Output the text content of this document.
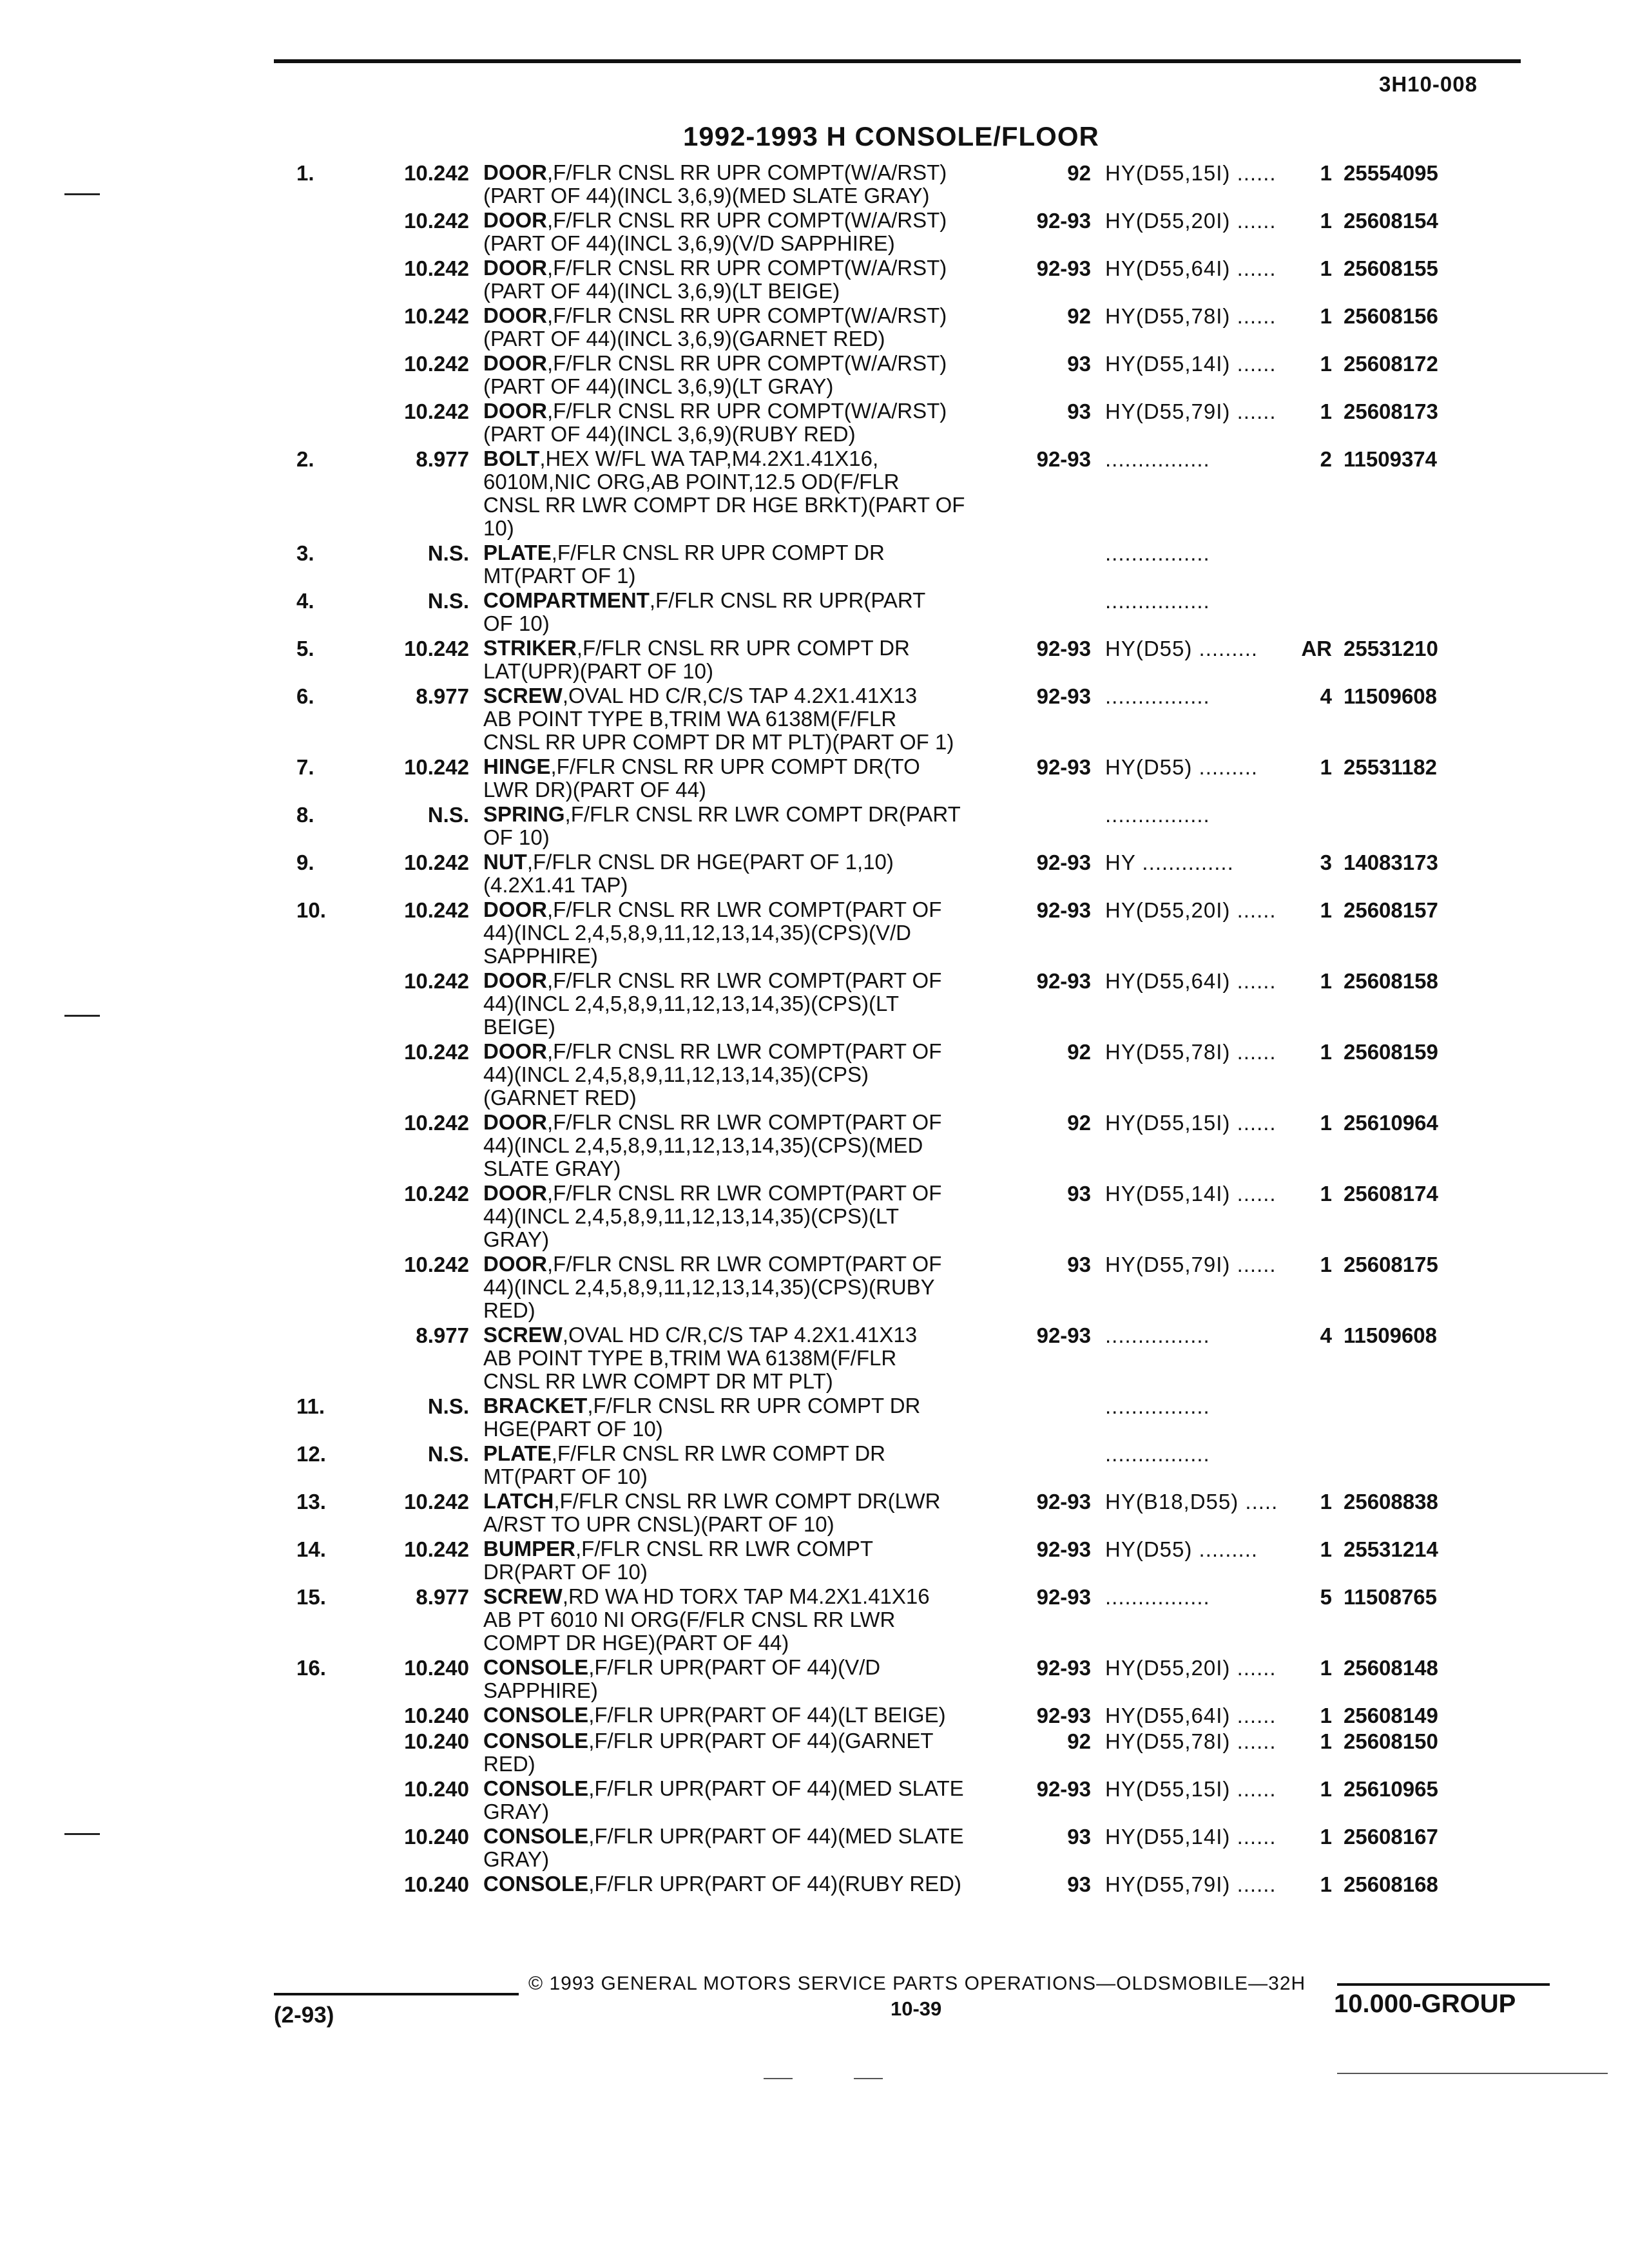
3H10-008
1992-1993 H CONSOLE/FLOOR
1.	10.242 DOOR,F/FLR CNSL RR UPR COMPT(W/A/RST)
(PART OF 44)(INCL 3,6,9)(MED SLATE GRAY)
92 HY(D55,15I) ......	1 25554095
10.242 DOOR,F/FLR CNSL RR UPR COMPT(W/A/RST)
(PART OF 44)(INCL 3,6,9)(V/D SAPPHIRE)
92-93 HY(D55,20I) ......	1 25608154
10.242 DOOR,F/FLR CNSL RR UPR COMPT(W/A/RST)
(PART OF 44)(INCL 3,6,9)(LT BEIGE)
92-93 HY(D55,64I) ......	1 25608155
10.242 DOOR,F/FLR CNSL RR UPR COMPT(W/A/RST)
(PART OF 44)(INCL 3,6,9)(GARNET RED)
92 HY(D55,78I) ......	1 25608156
10.242 DOOR,F/FLR CNSL RR UPR COMPT(W/A/RST)
(PART OF 44)(INCL 3,6,9)(LT GRAY)
93 HY(D55,14I) ......	1 25608172
10.242 DOOR,F/FLR CNSL RR UPR COMPT(W/A/RST)
(PART OF 44)(INCL 3,6,9)(RUBY RED)
93 HY(D55,79I) ......	1 25608173
2.	8.977 BOLT,HEX W/FL WA TAP,M4.2X1.41X16,
6010M,NIC ORG,AB POINT,12.5 OD(F/FLR
CNSL RR LWR COMPT DR HGE BRKT)(PART OF
10)
92-93 ................	2 11509374
3.	N.S. PLATE,F/FLR CNSL RR UPR COMPT DR
MT(PART OF 1)
................
4.	N.S. COMPARTMENT,F/FLR CNSL RR UPR(PART
OF 10)
................
5.	10.242 STRIKER,F/FLR CNSL RR UPR COMPT DR
LAT(UPR)(PART OF 10)
92-93 HY(D55) .........	AR 25531210
6.	8.977 SCREW,OVAL HD C/R,C/S TAP 4.2X1.41X13
AB POINT TYPE B,TRIM WA 6138M(F/FLR
CNSL RR UPR COMPT DR MT PLT)(PART OF 1)
92-93 ................	4 11509608
7.	10.242 HINGE,F/FLR CNSL RR UPR COMPT DR(TO
LWR DR)(PART OF 44)
92-93 HY(D55) .........	1 25531182
8.	N.S. SPRING,F/FLR CNSL RR LWR COMPT DR(PART
OF 10)
................
9.	10.242 NUT,F/FLR CNSL DR HGE(PART OF 1,10)
(4.2X1.41 TAP)
92-93 HY ..............	3 14083173
10.	10.242 DOOR,F/FLR CNSL RR LWR COMPT(PART OF
44)(INCL 2,4,5,8,9,11,12,13,14,35)(CPS)(V/D
SAPPHIRE)
92-93 HY(D55,20I) ......	1 25608157
10.242 DOOR,F/FLR CNSL RR LWR COMPT(PART OF
44)(INCL 2,4,5,8,9,11,12,13,14,35)(CPS)(LT
BEIGE)
92-93 HY(D55,64I) ......	1 25608158
10.242 DOOR,F/FLR CNSL RR LWR COMPT(PART OF
44)(INCL 2,4,5,8,9,11,12,13,14,35)(CPS)
(GARNET RED)
92 HY(D55,78I) ......	1 25608159
10.242 DOOR,F/FLR CNSL RR LWR COMPT(PART OF
44)(INCL 2,4,5,8,9,11,12,13,14,35)(CPS)(MED
SLATE GRAY)
92 HY(D55,15I) ......	1 25610964
10.242 DOOR,F/FLR CNSL RR LWR COMPT(PART OF
44)(INCL 2,4,5,8,9,11,12,13,14,35)(CPS)(LT
GRAY)
93 HY(D55,14I) ......	1 25608174
10.242 DOOR,F/FLR CNSL RR LWR COMPT(PART OF
44)(INCL 2,4,5,8,9,11,12,13,14,35)(CPS)(RUBY
RED)
93 HY(D55,79I) ......	1 25608175
8.977 SCREW,OVAL HD C/R,C/S TAP 4.2X1.41X13
AB POINT TYPE B,TRIM WA 6138M(F/FLR
CNSL RR LWR COMPT DR MT PLT)
92-93 ................	4 11509608
11.	N.S. BRACKET,F/FLR CNSL RR UPR COMPT DR
HGE(PART OF 10)
................
12.	N.S. PLATE,F/FLR CNSL RR LWR COMPT DR
MT(PART OF 10)
................
13.	10.242 LATCH,F/FLR CNSL RR LWR COMPT DR(LWR
A/RST TO UPR CNSL)(PART OF 10)
92-93 HY(B18,D55) .....	1 25608838
14.	10.242 BUMPER,F/FLR CNSL RR LWR COMPT
DR(PART OF 10)
92-93 HY(D55) .........	1 25531214
15.	8.977 SCREW,RD WA HD TORX TAP M4.2X1.41X16
AB PT 6010 NI ORG(F/FLR CNSL RR LWR
COMPT DR HGE)(PART OF 44)
92-93 ................	5 11508765
16.	10.240 CONSOLE,F/FLR UPR(PART OF 44)(V/D
SAPPHIRE)
92-93 HY(D55,20I) ......	1 25608148
10.240 CONSOLE,F/FLR UPR(PART OF 44)(LT BEIGE)	92-93 HY(D55,64I) ......	1 25608149
10.240 CONSOLE,F/FLR UPR(PART OF 44)(GARNET
RED)
92 HY(D55,78I) ......	1 25608150
10.240 CONSOLE,F/FLR UPR(PART OF 44)(MED SLATE
GRAY)
92-93 HY(D55,15I) ......	1 25610965
10.240 CONSOLE,F/FLR UPR(PART OF 44)(MED SLATE
GRAY)
93 HY(D55,14I) ......	1 25608167
10.240 CONSOLE,F/FLR UPR(PART OF 44)(RUBY RED)	93 HY(D55,79I) ......	1 25608168
© 1993 GENERAL MOTORS SERVICE PARTS OPERATIONS—OLDSMOBILE—32H
10-39
(2-93)	10.000-GROUP
